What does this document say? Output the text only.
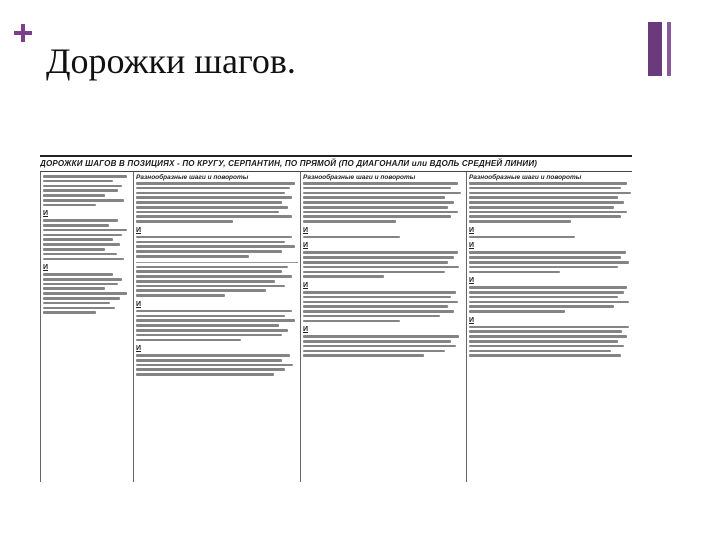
Дорожки шагов.
ДОРОЖКИ ШАГОВ В ПОЗИЦИЯХ - ПО КРУГУ, СЕРПАНТИН, ПО ПРЯМОЙ (ПО ДИАГОНАЛИ или ВДОЛЬ СРЕДНЕЙ ЛИНИИ)
И
И
Разнообразные шаги и повороты
И
И
И
Разнообразные шаги и повороты
И
И
И
И
Разнообразные шаги и повороты
И
И
И
И
